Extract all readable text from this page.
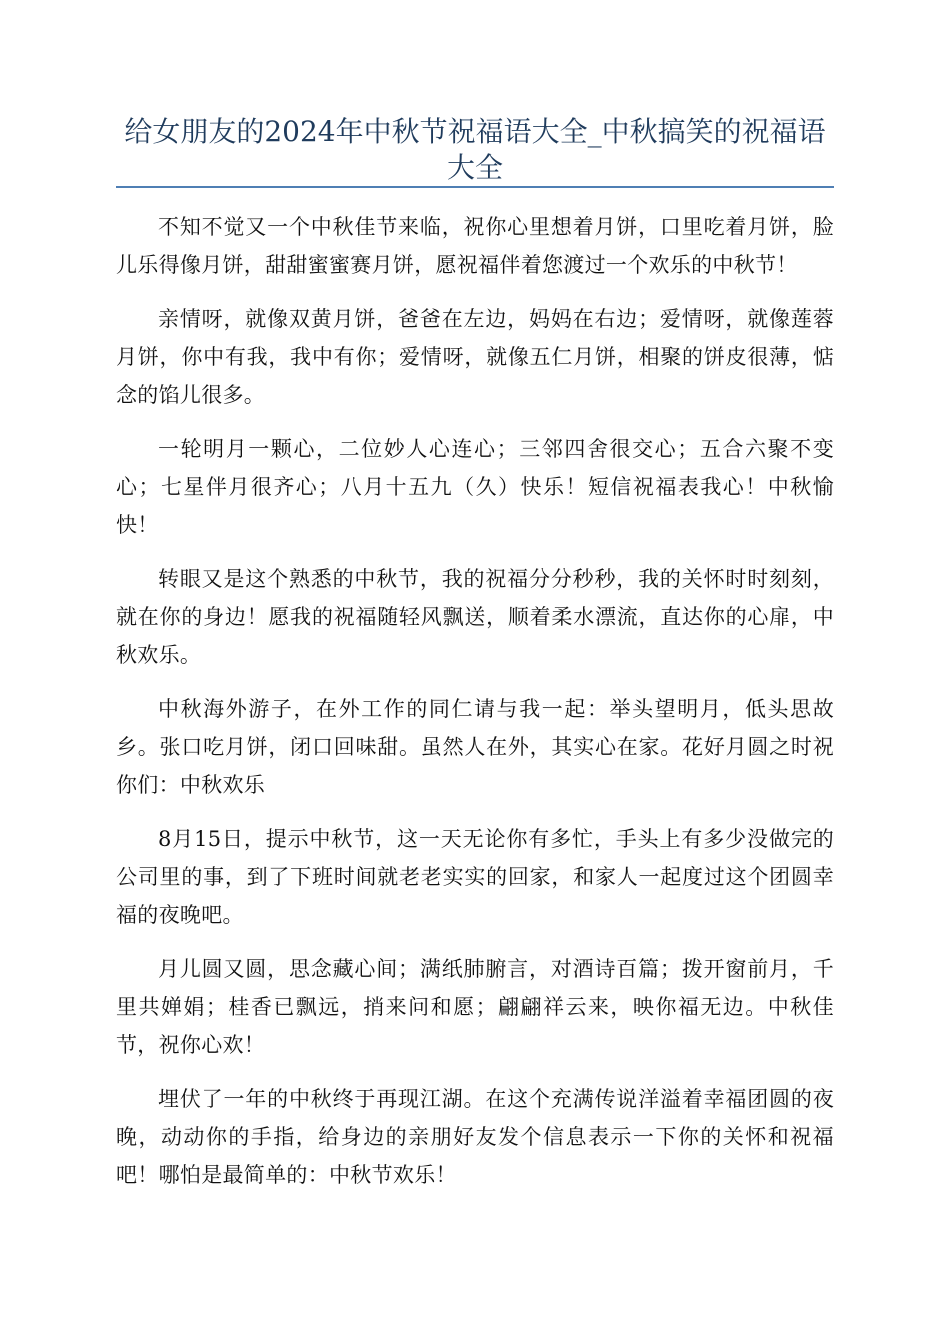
给女朋友的2024年中秋节祝福语大全_中秋搞笑的祝福语大全

不知不觉又一个中秋佳节来临，祝你心里想着月饼，口里吃着月饼，脸儿乐得像月饼，甜甜蜜蜜赛月饼，愿祝福伴着您渡过一个欢乐的中秋节！

亲情呀，就像双黄月饼，爸爸在左边，妈妈在右边；爱情呀，就像莲蓉月饼，你中有我，我中有你；爱情呀，就像五仁月饼，相聚的饼皮很薄，惦念的馅儿很多。

一轮明月一颗心，二位妙人心连心；三邻四舍很交心；五合六聚不变心；七星伴月很齐心；八月十五九（久）快乐！短信祝福表我心！中秋愉快！

转眼又是这个熟悉的中秋节，我的祝福分分秒秒，我的关怀时时刻刻，就在你的身边！愿我的祝福随轻风飘送，顺着柔水漂流，直达你的心扉，中秋欢乐。

中秋海外游子，在外工作的同仁请与我一起：举头望明月，低头思故乡。张口吃月饼，闭口回味甜。虽然人在外，其实心在家。花好月圆之时祝你们：中秋欢乐

8月15日，提示中秋节，这一天无论你有多忙，手头上有多少没做完的公司里的事，到了下班时间就老老实实的回家，和家人一起度过这个团圆幸福的夜晚吧。

月儿圆又圆，思念藏心间；满纸肺腑言，对酒诗百篇；拨开窗前月，千里共婵娟；桂香已飘远，捎来问和愿；翩翩祥云来，映你福无边。中秋佳节，祝你心欢！

埋伏了一年的中秋终于再现江湖。在这个充满传说洋溢着幸福团圆的夜晚，动动你的手指，给身边的亲朋好友发个信息表示一下你的关怀和祝福吧！哪怕是最简单的：中秋节欢乐！
